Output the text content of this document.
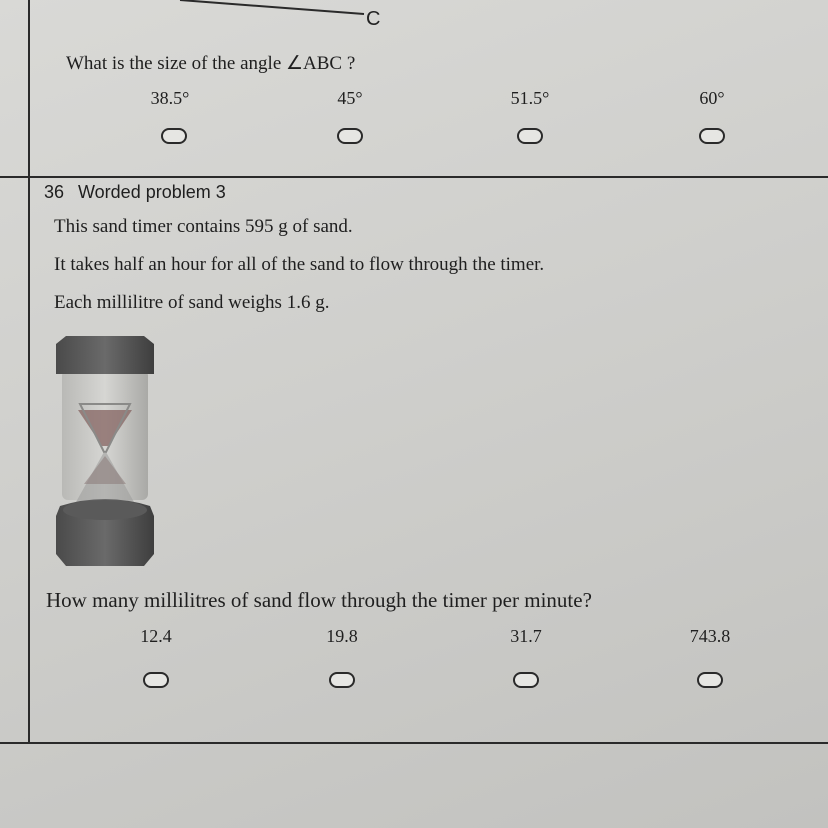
C
What is the size of the angle ∠ABC ?
38.5°	45°	51.5°	60°
36 Worded problem 3
This sand timer contains 595 g of sand.
It takes half an hour for all of the sand to flow through the timer.
Each millilitre of sand weighs 1.6 g.
How many millilitres of sand flow through the timer per minute?
12.4	19.8	31.7	743.8
